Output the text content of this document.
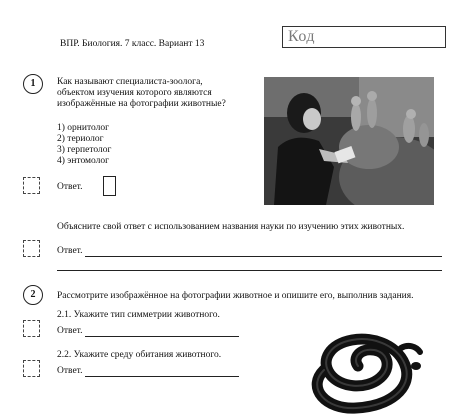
ВПР. Биология. 7 класс. Вариант 13	Код
1	Как называют специалиста-зоолога,
объектом изучения которого являются
изображённые на фотографии животные?
1) орнитолог
2) териолог
3) герпетолог
4) энтомолог
Ответ.
Объясните свой ответ с использованием названия науки по изучению этих животных.
Ответ.
2	Рассмотрите изображённое на фотографии животное и опишите его, выполнив задания.
2.1. Укажите тип симметрии животного.
Ответ.
2.2. Укажите среду обитания животного.
Ответ.
